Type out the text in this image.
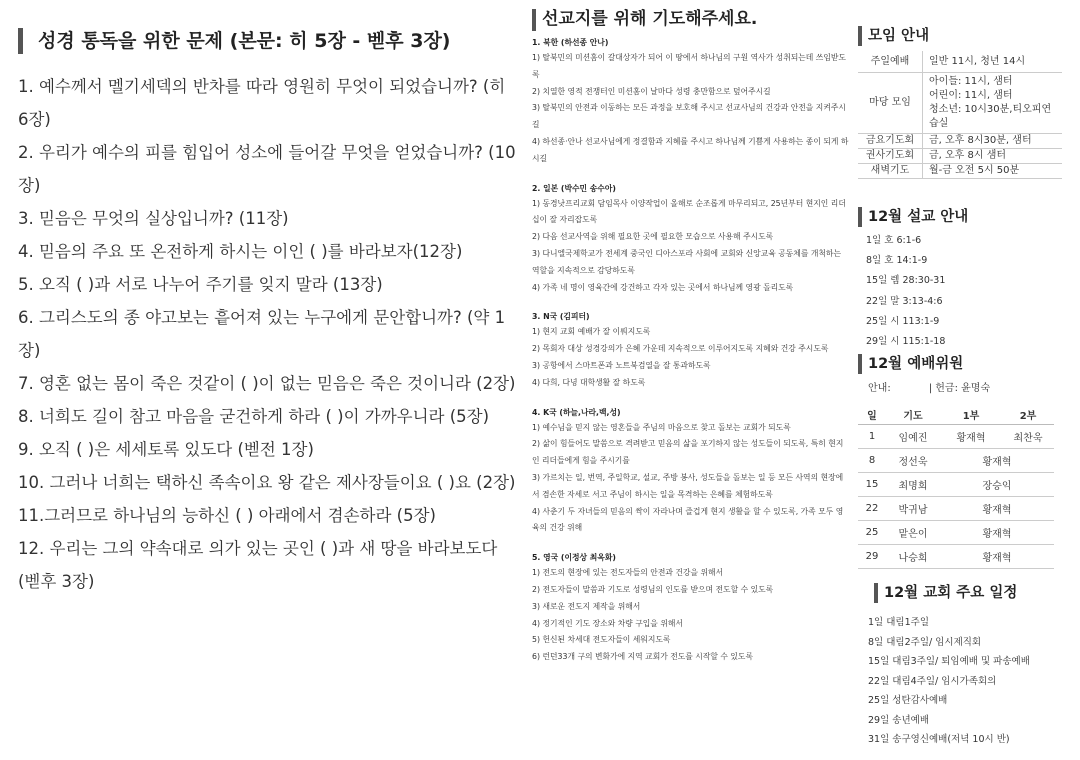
성경 통독을 위한 문제 (본문: 히 5장 - 벧후 3장)
1. 예수께서 멜기세덱의 반차를 따라 영원히 무엇이 되었습니까? (히 6장)
2. 우리가 예수의 피를 힘입어 성소에 들어갈 무엇을 얻었습니까? (10장)
3. 믿음은 무엇의 실상입니까? (11장)
4. 믿음의 주요 또 온전하게 하시는 이인 ( )를 바라보자(12장)
5. 오직 ( )과 서로 나누어 주기를 잊지 말라 (13장)
6. 그리스도의 종 야고보는 흩어져 있는 누구에게 문안합니까? (약 1장)
7. 영혼 없는 몸이 죽은 것같이 ( )이 없는 믿음은 죽은 것이니라 (2장)
8. 너희도 길이 참고 마음을 굳건하게 하라 ( )이 가까우니라 (5장)
9. 오직 ( )은 세세토록 있도다 (벧전 1장)
10. 그러나 너희는 택하신 족속이요 왕 같은 제사장들이요 ( )요 (2장)
11.그러므로 하나님의 능하신 ( ) 아래에서 겸손하라 (5장)
12. 우리는 그의 약속대로 의가 있는 곳인 ( )과 새 땅을 바라보도다 (벧후 3장)
선교지를 위해 기도해주세요.
1. 북한 (하선종 안나)
1) 탈북민의 미션홈이 갈대상자가 되어 이 땅에서 하나님의 구원 역사가 성취되는데 쓰임받도록
2) 치열한 영적 전쟁터인 미션홈이 날마다 성령 충만함으로 덮어주시길
3) 탈북민의 안전과 이동하는 모든 과정을 보호해 주시고 선교사님의 건강과 안전을 지켜주시길
4) 하선종·안나 선교사님에게 정결함과 지혜를 주시고 하나님께 기쁨게 사용하는 종이 되게 하시길
2. 일본 (박수민 송수아)
1) 동경낫프리교회 담임목사 이양작업이 올해로 순조롭게 마무리되고, 25년부터 현지인 리더십이 잘 자리잡도록
2) 다음 선교사역을 위해 필요한 곳에 필요한 모습으로 사용해 주시도록
3) 다니엘국제학교가 전세계 중국인 디아스포라 사회에 교회와 신앙교육 공동체를 개척하는 역할을 지속적으로 감당하도록
4) 가족 네 명이 영육간에 강건하고 각자 있는 곳에서 하나님께 영광 돌리도록
3. N국 (김피터)
1) 현지 교회 예배가 잘 이뤄지도록
2) 목회자 대상 성경강의가 은혜 가운데 지속적으로 이루어지도록 지혜와 건강 주시도록
3) 공항에서 스마트폰과 노트북검열을 잘 통과하도록
4) 다희, 다녕 대학생활 잘 하도록
4. K국 (하늘,나라,백,성)
1) 예수님을 믿지 않는 영혼들을 주님의 마음으로 찾고 돌보는 교회가 되도록
2) 삶이 힘들어도 말씀으로 격려받고 믿음의 삶을 포기하지 않는 성도들이 되도록, 특히 현지인 리더들에게 힘을 주시기를
3) 가르치는 일, 번역, 주일학교, 설교, 주방 봉사, 성도들을 돌보는 일 등 모든 사역의 현장에서 겸손한 자세로 서고 주님이 하시는 일을 목격하는 은혜를 체험하도록
4) 사춘기 두 자녀들의 믿음의 싹이 자라나며 즐겁게 현지 생활을 할 수 있도록, 가족 모두 영육의 건강 위해
5. 영국 (이정상 최옥화)
1) 전도의 현장에 있는 전도자들의 안전과 건강을 위해서
2) 전도자들이 말씀과 기도로 성령님의 인도를 받으며 전도할 수 있도록
3) 새로운 전도지 제작을 위해서
4) 정기적인 기도 장소와 차량 구입을 위해서
5) 헌신된 차세대 전도자들이 세워지도록
6) 런던33개 구의 변화가에 지역 교회가 전도를 시작할 수 있도록
모임 안내
주일예배	일반 11시, 청년 14시
마당 모임	아이들: 11시, 샘터
어린이: 11시, 샘터
청소년: 10시30분,티오피연습실
금요기도회	금, 오후 8시30분, 샘터
권사기도회	금, 오후 8시 샘터
새벽기도	월-금 오전 5시 50분
12월 설교 안내
1일 호 6:1-6
8일 호 14:1-9
15일 렘 28:30-31
22일 말 3:13-4:6
25일 시 113:1-9
29일 시 115:1-18
12월 예배위원
안내:	| 헌금: 윤명숙
일	기도	1부	2부
1	임예진	황재혁	최찬욱
8	정선욱	황재혁	
15	최명희	장승익	
22	박귀남	황재혁	
25	맡은이	황재혁	
29	나승희	황재혁	
12월 교회 주요 일정
1일 대림1주일
8일 대림2주일/ 임시제직회
15일 대림3주일/ 퇴임예배 및 파송예배
22일 대림4주일/ 임시가족회의
25일 성탄감사예배
29일 송년예배
31일 송구영신예배(저녁 10시 반)
